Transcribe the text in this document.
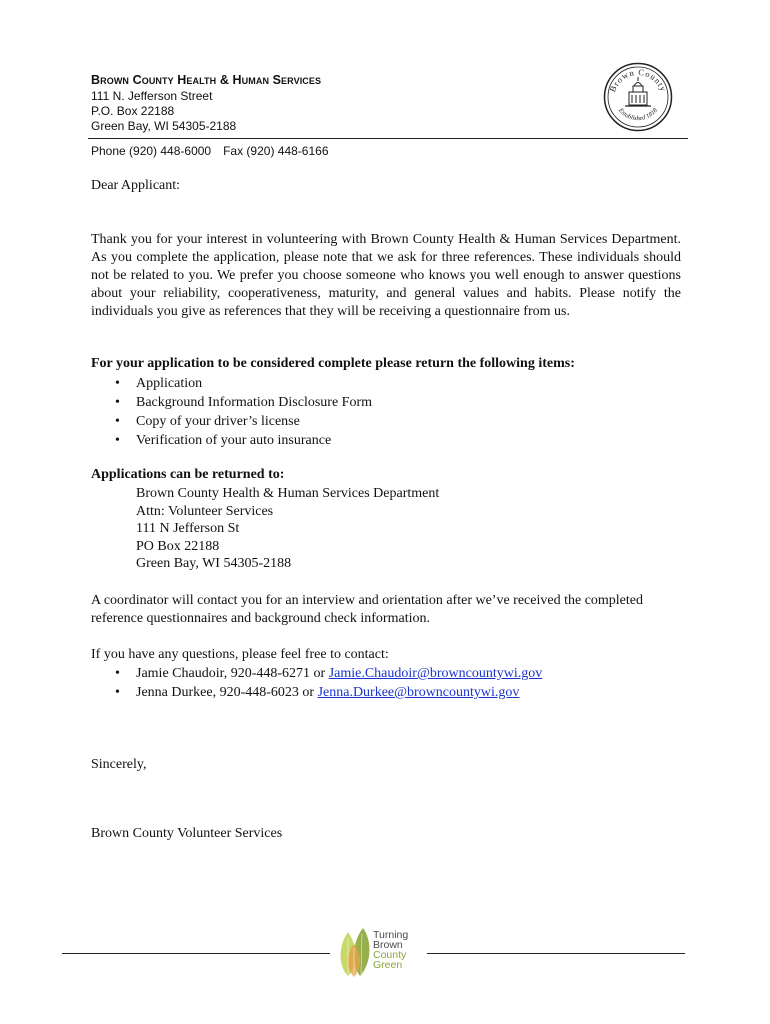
Brown County Health & Human Services
111 N. Jefferson Street
P.O. Box 22188
Green Bay, WI 54305-2188
Phone (920) 448-6000 Fax (920) 448-6166
Brown County
Established 1818

Dear Applicant:

Thank you for your interest in volunteering with Brown County Health & Human Services Department. As you complete the application, please note that we ask for three references. These individuals should not be related to you. We prefer you choose someone who knows you well enough to answer questions about your reliability, cooperativeness, maturity, and general values and habits. Please notify the individuals you give as references that they will be receiving a questionnaire from us.

For your application to be considered complete please return the following items:

• Application
• Background Information Disclosure Form
• Copy of your driver’s license
• Verification of your auto insurance

Applications can be returned to:

Brown County Health & Human Services Department
Attn: Volunteer Services
111 N Jefferson St
PO Box 22188
Green Bay, WI 54305-2188

A coordinator will contact you for an interview and orientation after we’ve received the completed reference questionnaires and background check information.

If you have any questions, please feel free to contact:

• Jamie Chaudoir, 920-448-6271 or Jamie.Chaudoir@browncountywi.gov
• Jenna Durkee, 920-448-6023 or Jenna.Durkee@browncountywi.gov

Sincerely,

Brown County Volunteer Services

Turning
Brown
County
Green
